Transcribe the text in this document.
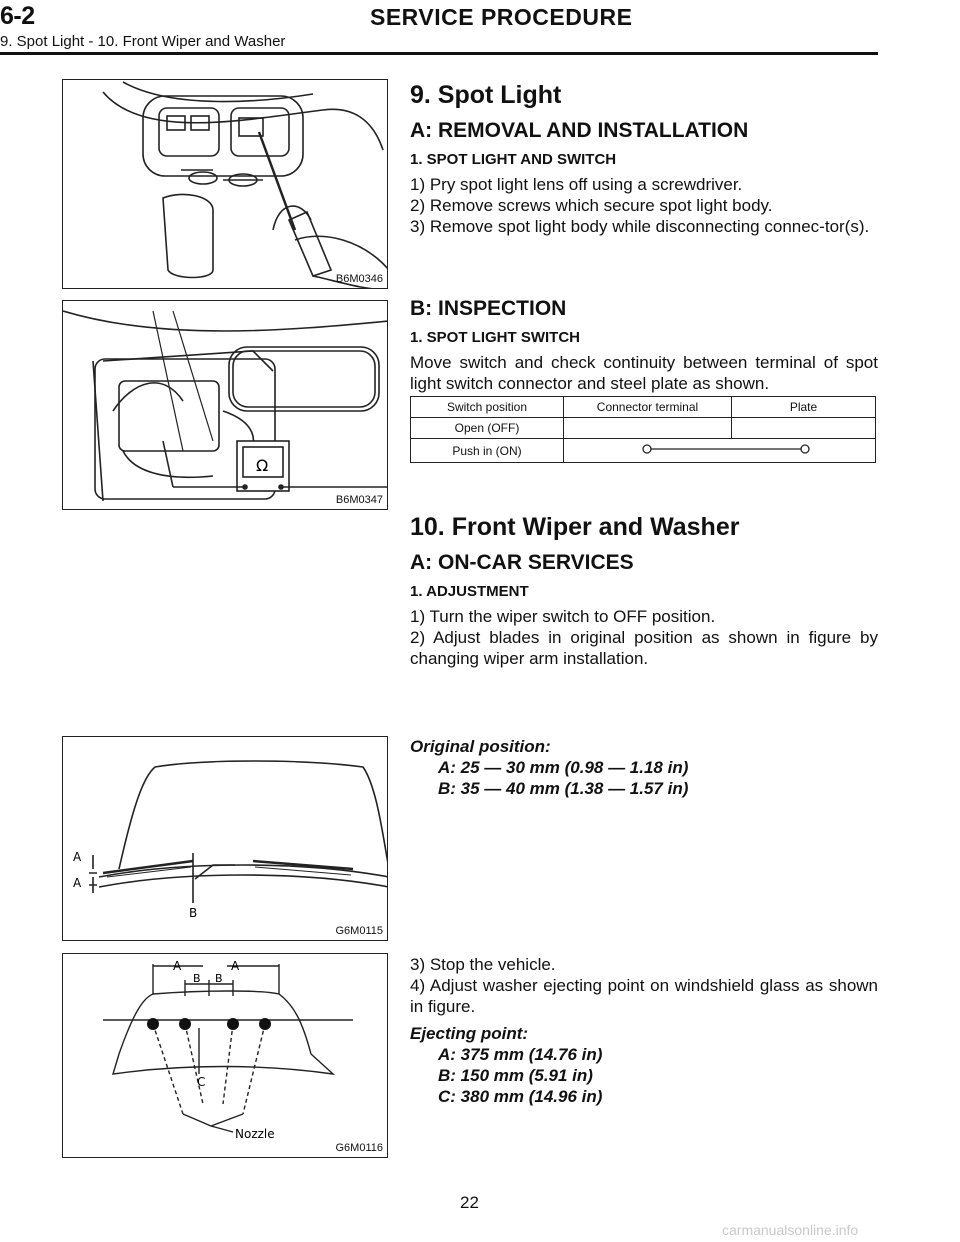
6-2	SERVICE PROCEDURE
9. Spot Light - 10. Front Wiper and Washer
B6M0346
Ω
B6M0347
A
A
B
G6M0115
A	A
B B
C
Nozzle
G6M0116

9. Spot Light

A: REMOVAL AND INSTALLATION

1. SPOT LIGHT AND SWITCH

1) Pry spot light lens off using a screwdriver.

2) Remove screws which secure spot light body.

3) Remove spot light body while disconnecting connec-tor(s).

B: INSPECTION

1. SPOT LIGHT SWITCH

Move switch and check continuity between terminal of spot light switch connector and steel plate as shown.

Switch position	Connector terminal	Plate
Open (OFF)		
Push in (ON)	

10. Front Wiper and Washer

A: ON-CAR SERVICES

1. ADJUSTMENT

1) Turn the wiper switch to OFF position.

2) Adjust blades in original position as shown in figure by changing wiper arm installation.

Original position:

A: 25 — 30 mm (0.98 — 1.18 in)

B: 35 — 40 mm (1.38 — 1.57 in)

3) Stop the vehicle.

4) Adjust washer ejecting point on windshield glass as shown in figure.

Ejecting point:

A: 375 mm (14.76 in)

B: 150 mm (5.91 in)

C: 380 mm (14.96 in)

22
carmanualsonline.info
